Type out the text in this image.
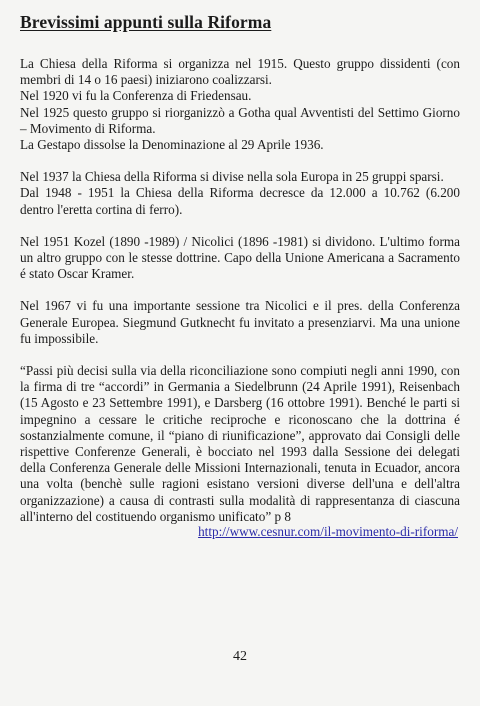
Brevissimi appunti sulla Riforma

La Chiesa della Riforma si organizza nel 1915. Questo gruppo dissidenti (con membri di 14 o 16 paesi) iniziarono coalizzarsi.
Nel 1920 vi fu la Conferenza di Friedensau.
Nel 1925 questo gruppo si riorganizzò a Gotha qual Avventisti del Settimo Giorno – Movimento di Riforma.
La Gestapo dissolse la Denominazione al 29 Aprile 1936.

Nel 1937 la Chiesa della Riforma si divise nella sola Europa in 25 gruppi sparsi.
Dal 1948 - 1951 la Chiesa della Riforma decresce da 12.000 a 10.762 (6.200 dentro l'eretta cortina di ferro).

Nel 1951 Kozel (1890 -1989) / Nicolici (1896 -1981) si dividono. L'ultimo forma un altro gruppo con le stesse dottrine. Capo della Unione Americana a Sacramento é stato Oscar Kramer.

Nel 1967 vi fu una importante sessione tra Nicolici e il pres. della Conferenza Generale Europea. Siegmund Gutknecht fu invitato a presenziarvi. Ma una unione fu impossibile.

“Passi più decisi sulla via della riconciliazione sono compiuti negli anni 1990, con la firma di tre “accordi” in Germania a Siedelbrunn (24 Aprile 1991), Reisenbach (15 Agosto e 23 Settembre 1991), e Darsberg (16 ottobre 1991). Benché le parti si impegnino a cessare le critiche reciproche e riconoscano che la dottrina é sostanzialmente comune, il “piano di riunificazione”, approvato dai Consigli delle rispettive Conferenze Generali, è bocciato nel 1993 dalla Sessione dei delegati della Conferenza Generale delle Missioni Internazionali, tenuta in Ecuador, ancora una volta (benchè sulle ragioni esistano versioni diverse dell'una e dell'altra organizzazione) a causa di contrasti sulla modalità di rappresentanza di ciascuna all'interno del costituendo organismo unificato” p 8

http://www.cesnur.com/il-movimento-di-riforma/
42
